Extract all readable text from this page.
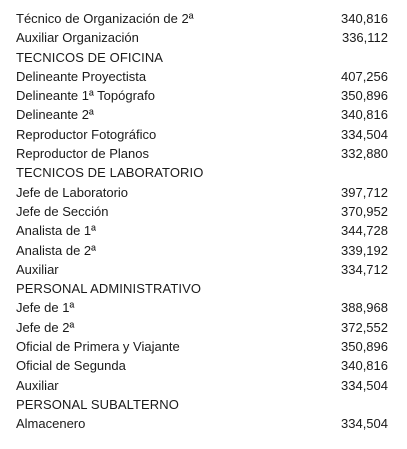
Técnico de Organización de 2ª	340,816
Auxiliar Organización	336,112
TECNICOS DE OFICINA
Delineante Proyectista	407,256
Delineante 1ª Topógrafo	350,896
Delineante 2ª	340,816
Reproductor Fotográfico	334,504
Reproductor de Planos	332,880
TECNICOS DE LABORATORIO
Jefe de Laboratorio	397,712
Jefe de Sección	370,952
Analista de 1ª	344,728
Analista de 2ª	339,192
Auxiliar	334,712
PERSONAL ADMINISTRATIVO
Jefe de 1ª	388,968
Jefe de 2ª	372,552
Oficial de Primera y Viajante	350,896
Oficial de Segunda	340,816
Auxiliar	334,504
PERSONAL SUBALTERNO
Almacenero	334,504
